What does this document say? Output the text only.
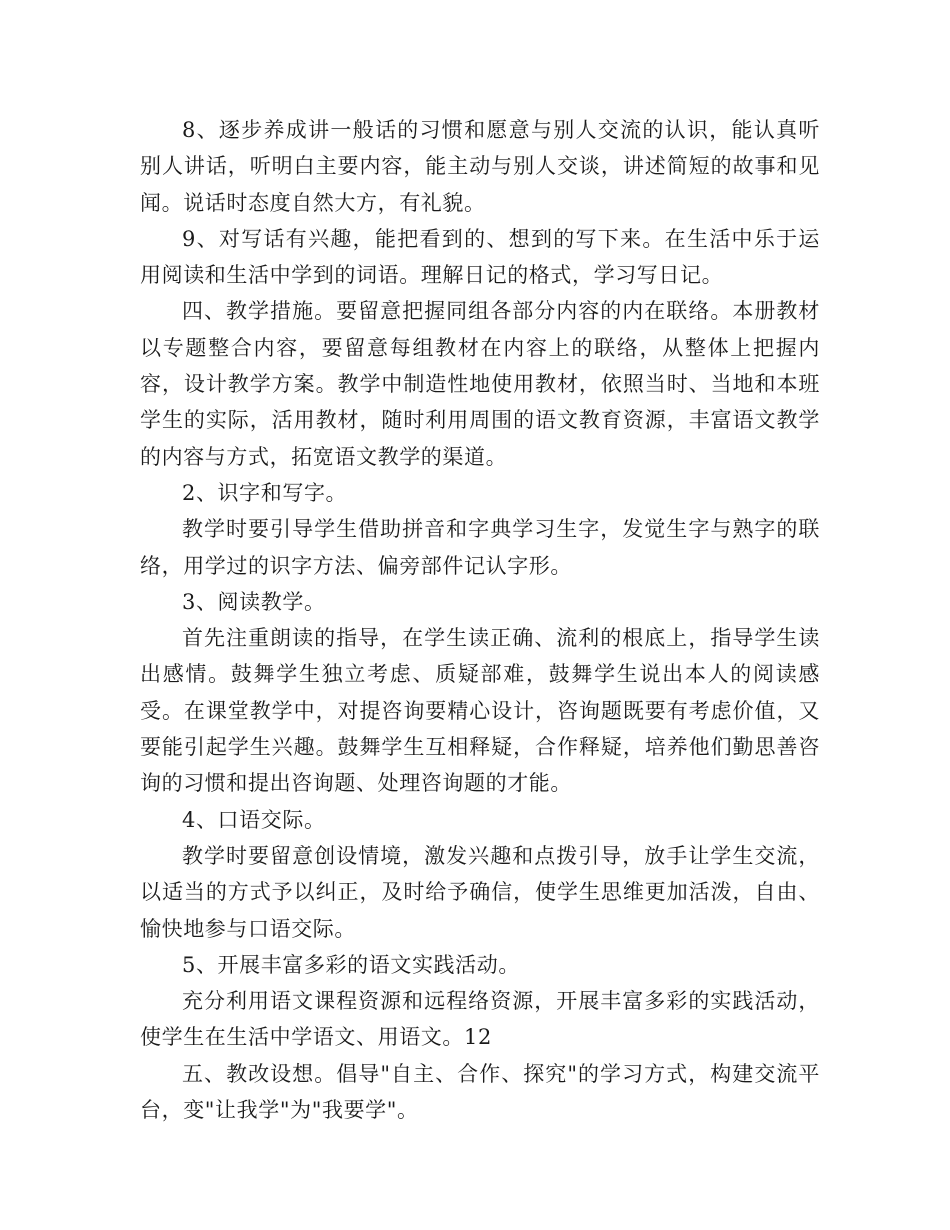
8、逐步养成讲一般话的习惯和愿意与别人交流的认识，能认真听别人讲话，听明白主要内容，能主动与别人交谈，讲述简短的故事和见闻。说话时态度自然大方，有礼貌。

9、对写话有兴趣，能把看到的、想到的写下来。在生活中乐于运用阅读和生活中学到的词语。理解日记的格式，学习写日记。

四、教学措施。要留意把握同组各部分内容的内在联络。本册教材以专题整合内容，要留意每组教材在内容上的联络，从整体上把握内容，设计教学方案。教学中制造性地使用教材，依照当时、当地和本班学生的实际，活用教材，随时利用周围的语文教育资源，丰富语文教学的内容与方式，拓宽语文教学的渠道。

2、识字和写字。

教学时要引导学生借助拼音和字典学习生字，发觉生字与熟字的联络，用学过的识字方法、偏旁部件记认字形。

3、阅读教学。

首先注重朗读的指导，在学生读正确、流利的根底上，指导学生读出感情。鼓舞学生独立考虑、质疑部难，鼓舞学生说出本人的阅读感受。在课堂教学中，对提咨询要精心设计，咨询题既要有考虑价值，又要能引起学生兴趣。鼓舞学生互相释疑，合作释疑，培养他们勤思善咨询的习惯和提出咨询题、处理咨询题的才能。

4、口语交际。

教学时要留意创设情境，激发兴趣和点拨引导，放手让学生交流，以适当的方式予以纠正，及时给予确信，使学生思维更加活泼，自由、愉快地参与口语交际。

5、开展丰富多彩的语文实践活动。

充分利用语文课程资源和远程络资源，开展丰富多彩的实践活动，使学生在生活中学语文、用语文。12

五、教改设想。倡导"自主、合作、探究"的学习方式，构建交流平台，变"让我学"为"我要学"。
